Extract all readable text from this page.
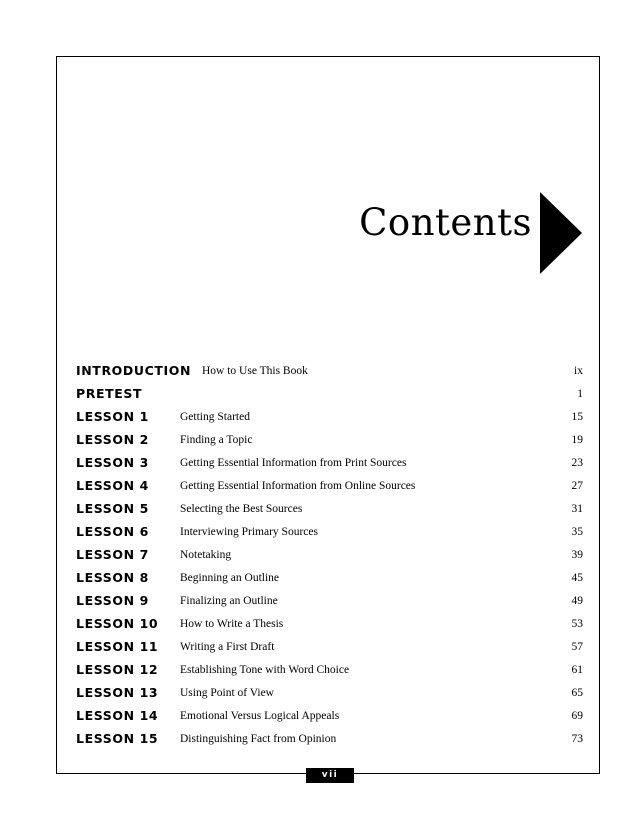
Contents
INTRODUCTION How to Use This Book	ix
PRETEST	1
LESSON 1	Getting Started	15
LESSON 2	Finding a Topic	19
LESSON 3	Getting Essential Information from Print Sources	23
LESSON 4	Getting Essential Information from Online Sources	27
LESSON 5	Selecting the Best Sources	31
LESSON 6	Interviewing Primary Sources	35
LESSON 7	Notetaking	39
LESSON 8	Beginning an Outline	45
LESSON 9	Finalizing an Outline	49
LESSON 10 How to Write a Thesis	53
LESSON 11 Writing a First Draft	57
LESSON 12 Establishing Tone with Word Choice	61
LESSON 13 Using Point of View	65
LESSON 14 Emotional Versus Logical Appeals	69
LESSON 15 Distinguishing Fact from Opinion	73
vii
